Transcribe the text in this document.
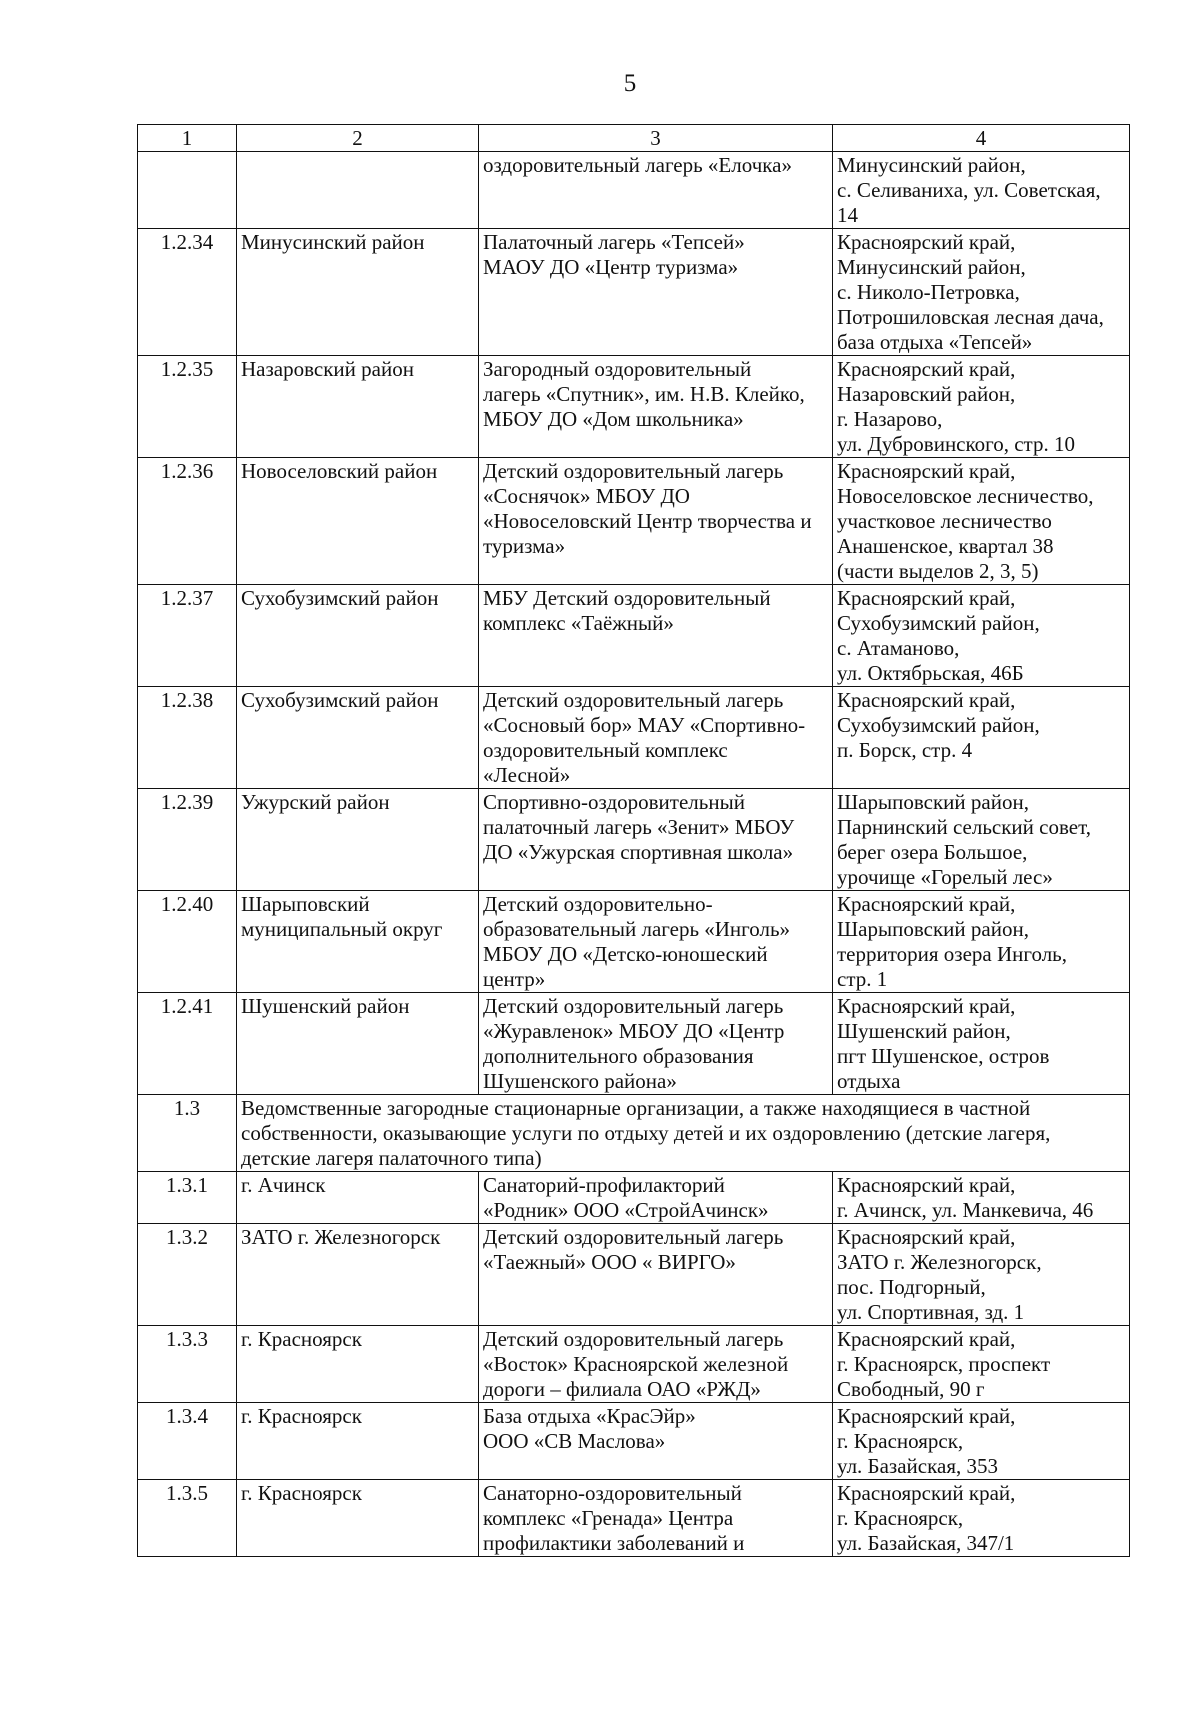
5
1	2	3	4
		оздоровительный лагерь «Елочка»	Минусинский район,
с. Селиваниха, ул. Советская,
14
1.2.34	Минусинский район	Палаточный лагерь «Тепсей»
МАОУ ДО «Центр туризма»	Красноярский край,
Минусинский район,
с. Николо-Петровка,
Потрошиловская лесная дача,
база отдыха «Тепсей»
1.2.35	Назаровский район	Загородный оздоровительный
лагерь «Спутник», им. Н.В. Клейко,
МБОУ ДО «Дом школьника»	Красноярский край,
Назаровский район,
г. Назарово,
ул. Дубровинского, стр. 10
1.2.36	Новоселовский район	Детский оздоровительный лагерь
«Соснячок» МБОУ ДО
«Новоселовский Центр творчества и
туризма»	Красноярский край,
Новоселовское лесничество,
участковое лесничество
Анашенское, квартал 38
(части выделов 2, 3, 5)
1.2.37	Сухобузимский район	МБУ Детский оздоровительный
комплекс «Таёжный»	Красноярский край,
Сухобузимский район,
с. Атаманово,
ул. Октябрьская, 46Б
1.2.38	Сухобузимский район	Детский оздоровительный лагерь
«Сосновый бор» МАУ «Спортивно-
оздоровительный комплекс
«Лесной»	Красноярский край,
Сухобузимский район,
п. Борск, стр. 4
1.2.39	Ужурский район	Спортивно-оздоровительный
палаточный лагерь «Зенит» МБОУ
ДО «Ужурская спортивная школа»	Шарыповский район,
Парнинский сельский совет,
берег озера Большое,
урочище «Горелый лес»
1.2.40	Шарыповский
муниципальный округ	Детский оздоровительно-
образовательный лагерь «Инголь»
МБОУ ДО «Детско-юношеский
центр»	Красноярский край,
Шарыповский район,
территория озера Инголь,
стр. 1
1.2.41	Шушенский район	Детский оздоровительный лагерь
«Журавленок» МБОУ ДО «Центр
дополнительного образования
Шушенского района»	Красноярский край,
Шушенский район,
пгт Шушенское, остров
отдыха
1.3	Ведомственные загородные стационарные организации, а также находящиеся в частной собственности, оказывающие услуги по отдыху детей и их оздоровлению (детские лагеря, детские лагеря палаточного типа)		
1.3.1	г. Ачинск	Санаторий-профилакторий
«Родник» ООО «СтройАчинск»	Красноярский край,
г. Ачинск, ул. Манкевича, 46
1.3.2	ЗАТО г. Железногорск	Детский оздоровительный лагерь
«Таежный» ООО « ВИРГО»	Красноярский край,
ЗАТО г. Железногорск,
пос. Подгорный,
ул. Спортивная, зд. 1
1.3.3	г. Красноярск	Детский оздоровительный лагерь
«Восток» Красноярской железной
дороги – филиала ОАО «РЖД»	Красноярский край,
г. Красноярск, проспект
Свободный, 90 г
1.3.4	г. Красноярск	База отдыха «КрасЭйр»
ООО «СВ Маслова»	Красноярский край,
г. Красноярск,
ул. Базайская, 353
1.3.5	г. Красноярск	Санаторно-оздоровительный
комплекс «Гренада» Центра
профилактики заболеваний и	Красноярский край,
г. Красноярск,
ул. Базайская, 347/1
